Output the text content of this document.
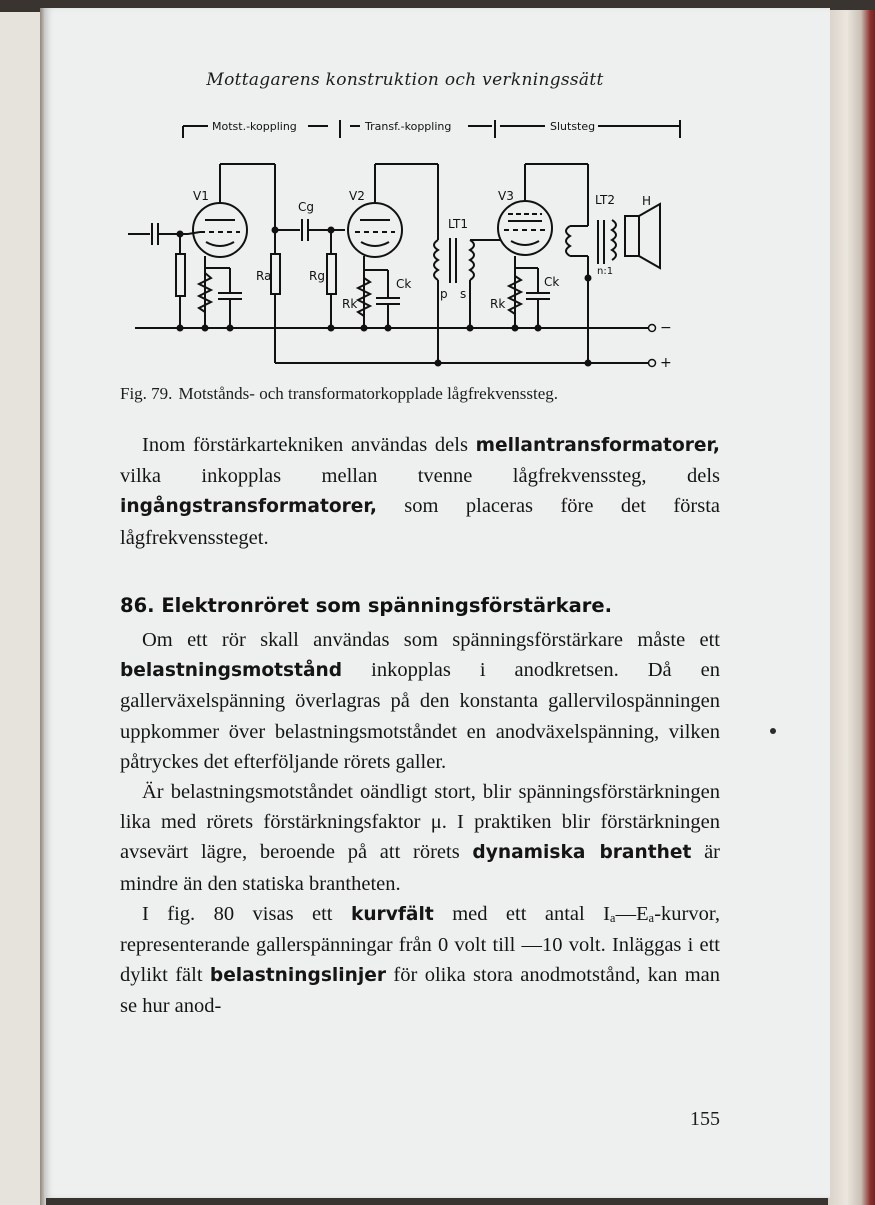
Mottagarens konstruktion och verkningssätt
Motst.-koppling	Transf.-koppling	Slutsteg
V1	V2	V3
Cg
Ra	Rg
Rk
Ck
LT1
p s
Rk
Ck
LT2 H
n:1
−
+
Fig. 79. Motstånds- och transformatorkopplade lågfrekvenssteg.
Inom förstärkartekniken användas dels mellantransformatorer, vilka inkopplas mellan tvenne lågfrekvenssteg, dels ingångstransformatorer, som placeras före det första lågfrekvenssteget.
86. Elektronröret som spänningsförstärkare.
Om ett rör skall användas som spänningsförstärkare måste ett belastningsmotstånd inkopplas i anodkretsen. Då en gallerväxelspänning överlagras på den konstanta gallervilospänningen uppkommer över belastningsmotståndet en anodväxelspänning, vilken påtryckes det efterföljande rörets galler.
Är belastningsmotståndet oändligt stort, blir spänningsförstärkningen lika med rörets förstärkningsfaktor μ. I praktiken blir förstärkningen avsevärt lägre, beroende på att rörets dynamiska branthet är mindre än den statiska brantheten.
I fig. 80 visas ett kurvfält med ett antal Iₐ—Eₐ-kurvor, representerande gallerspänningar från 0 volt till —10 volt. Inläggas i ett dylikt fält belastningslinjer för olika stora anodmotstånd, kan man se hur anod-
155
